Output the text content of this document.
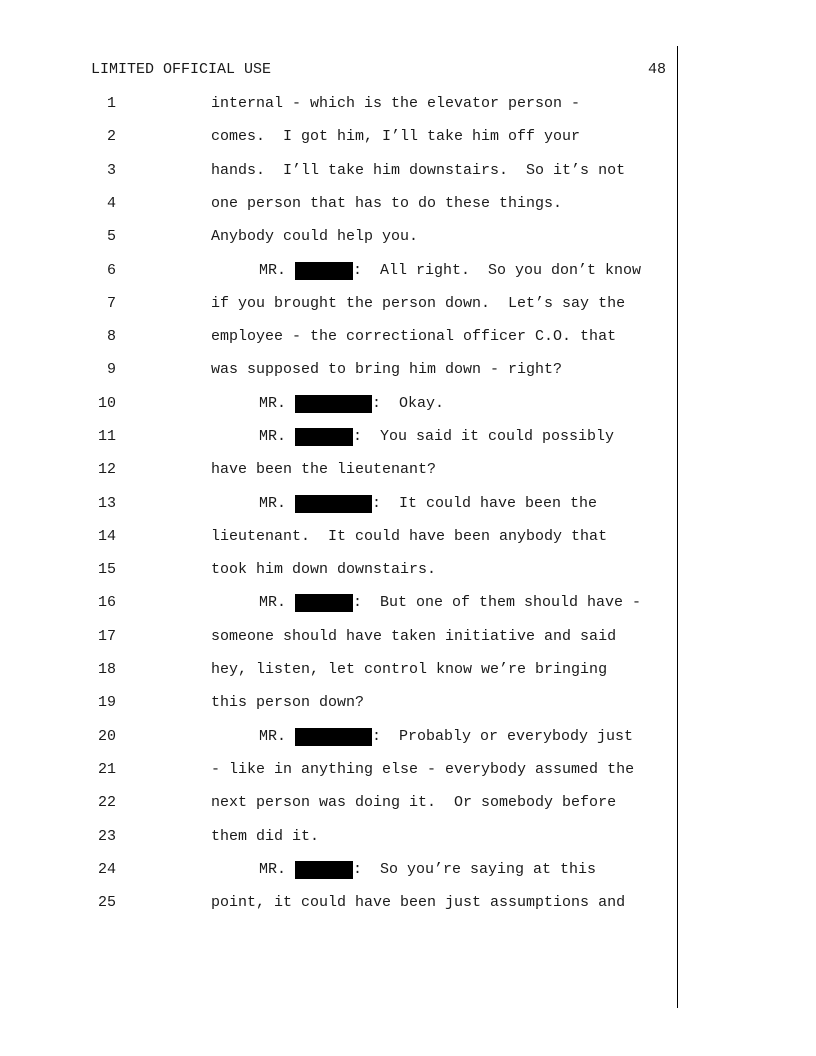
LIMITED OFFICIAL USE	48
1	internal - which is the elevator person -
2	comes.  I got him, I’ll take him off your
3	hands.  I’ll take him downstairs.  So it’s not
4	one person that has to do these things.
5	Anybody could help you.
6	MR.	:  All right.  So you don’t know
7	if you brought the person down.  Let’s say the
8	employee - the correctional officer C.O. that
9	was supposed to bring him down - right?
10	MR.	:  Okay.
11	MR.	:  You said it could possibly
12	have been the lieutenant?
13	MR.	:  It could have been the
14	lieutenant.  It could have been anybody that
15	took him down downstairs.
16	MR.	:  But one of them should have -
17	someone should have taken initiative and said
18	hey, listen, let control know we’re bringing
19	this person down?
20	MR.	:  Probably or everybody just
21	- like in anything else - everybody assumed the
22	next person was doing it.  Or somebody before
23	them did it.
24	MR.	:  So you’re saying at this
25	point, it could have been just assumptions and
